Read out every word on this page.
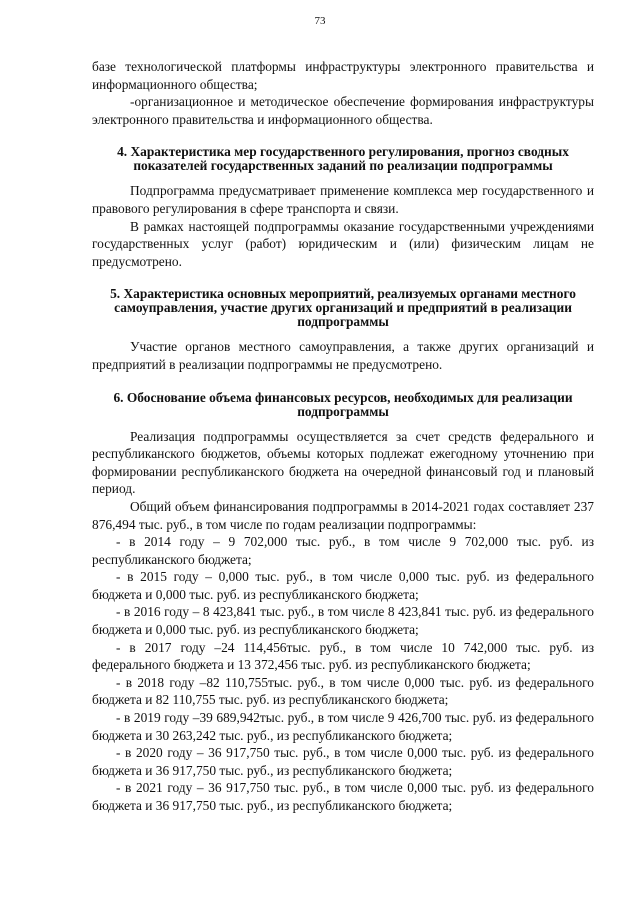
73

базе технологической платформы инфраструктуры электронного правительства и информационного общества;

-организационное и методическое обеспечение формирования инфраструктуры электронного правительства и информационного общества.

4. Характеристика мер государственного регулирования, прогноз сводных показателей государственных заданий по реализации подпрограммы

Подпрограмма предусматривает применение комплекса мер государственного и правового регулирования в сфере транспорта и связи.

В рамках настоящей подпрограммы оказание государственными учреждениями государственных услуг (работ) юридическим и (или) физическим лицам не предусмотрено.

5. Характеристика основных мероприятий, реализуемых органами местного самоуправления, участие других организаций и предприятий в реализации подпрограммы

Участие органов местного самоуправления, а также других организаций и предприятий в реализации подпрограммы не предусмотрено.

6. Обоснование объема финансовых ресурсов, необходимых для реализации подпрограммы

Реализация подпрограммы осуществляется за счет средств федерального и республиканского бюджетов, объемы которых подлежат ежегодному уточнению при формировании республиканского бюджета на очередной финансовый год и плановый период.

Общий объем финансирования подпрограммы в 2014-2021 годах составляет 237 876,494 тыс. руб., в том числе по годам реализации подпрограммы:

- в 2014 году – 9 702,000 тыс. руб., в том числе 9 702,000 тыс. руб. из республиканского бюджета;

- в 2015 году – 0,000 тыс. руб., в том числе 0,000 тыс. руб. из федерального бюджета и 0,000 тыс. руб. из республиканского бюджета;

- в 2016 году – 8 423,841 тыс. руб., в том числе 8 423,841 тыс. руб. из федерального бюджета и 0,000 тыс. руб. из республиканского бюджета;

- в 2017 году –24 114,456тыс. руб., в том числе 10 742,000 тыс. руб. из федерального бюджета и 13 372,456 тыс. руб. из республиканского бюджета;

- в 2018 году –82 110,755тыс. руб., в том числе 0,000 тыс. руб. из федерального бюджета и 82 110,755 тыс. руб. из республиканского бюджета;

- в 2019 году –39 689,942тыс. руб., в том числе 9 426,700 тыс. руб. из федерального бюджета и 30 263,242 тыс. руб., из республиканского бюджета;

- в 2020 году – 36 917,750 тыс. руб., в том числе 0,000 тыс. руб. из федерального бюджета и 36 917,750 тыс. руб., из республиканского бюджета;

- в 2021 году – 36 917,750 тыс. руб., в том числе 0,000 тыс. руб. из федерального бюджета и 36 917,750 тыс. руб., из республиканского бюджета;
